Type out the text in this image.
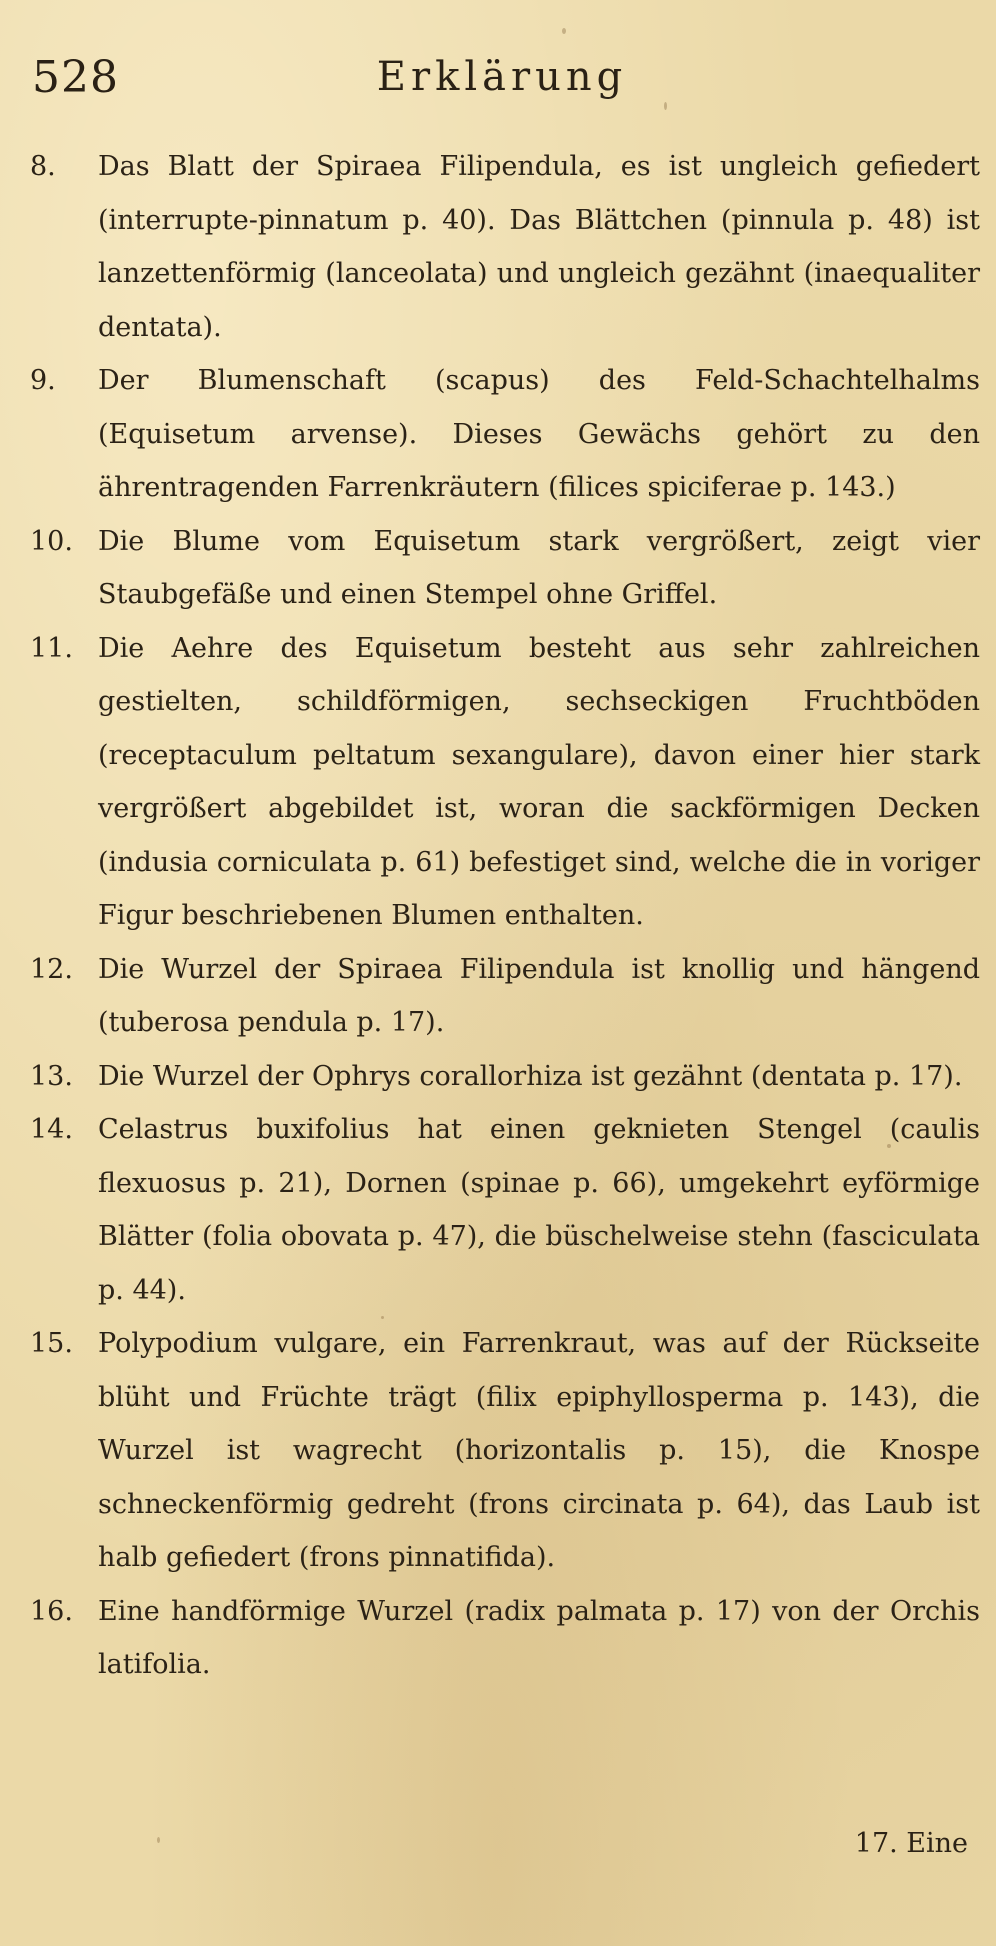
528	Erklärung
8.	Das Blatt der Spiraea Filipendula, es ist ungleich gefiedert (interrupte-pinnatum p. 40). Das Blättchen (pinnula p. 48) ist lanzettenförmig (lanceolata) und ungleich gezähnt (inaequaliter dentata).
9.	Der Blumenschaft (scapus) des Feld-Schachtelhalms (Equisetum arvense). Dieses Gewächs gehört zu den ährentragenden Farrenkräutern (filices spiciferae p. 143.)
10. Die Blume vom Equisetum stark vergrößert, zeigt vier Staubgefäße und einen Stempel ohne Griffel.
11. Die Aehre des Equisetum besteht aus sehr zahlreichen gestielten, schildförmigen, sechseckigen Fruchtböden (receptaculum peltatum sexangulare), davon einer hier stark vergrößert abgebildet ist, woran die sackförmigen Decken (indusia corniculata p. 61) befestiget sind, welche die in voriger Figur beschriebenen Blumen enthalten.
12. Die Wurzel der Spiraea Filipendula ist knollig und hängend (tuberosa pendula p. 17).
13. Die Wurzel der Ophrys corallorhiza ist gezähnt (dentata p. 17).
14. Celastrus buxifolius hat einen geknieten Stengel (caulis flexuosus p. 21), Dornen (spinae p. 66), umgekehrt eyförmige Blätter (folia obovata p. 47), die büschelweise stehn (fasciculata p. 44).
15. Polypodium vulgare, ein Farrenkraut, was auf der Rückseite blüht und Früchte trägt (filix epiphyllosperma p. 143), die Wurzel ist wagrecht (horizontalis p. 15), die Knospe schneckenförmig gedreht (frons circinata p. 64), das Laub ist halb gefiedert (frons pinnatifida).
16. Eine handförmige Wurzel (radix palmata p. 17) von der Orchis latifolia.
17. Eine
